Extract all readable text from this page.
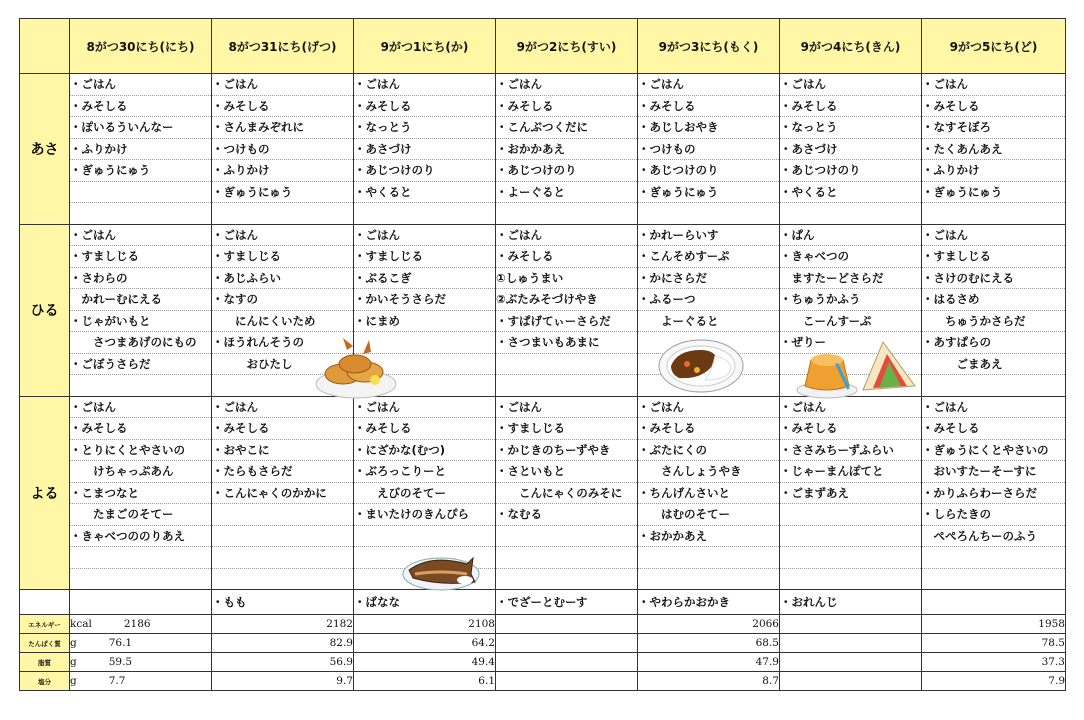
	8がつ30にち(にち)	8がつ31にち(げつ)	9がつ1にち(か)	9がつ2にち(すい)	9がつ3にち(もく)	9がつ4にち(きん)	9がつ5にち(ど)
あさ	・ごはん	・ごはん	・ごはん	・ごはん	・ごはん	・ごはん	・ごはん
	・みそしる	・みそしる	・みそしる	・みそしる	・みそしる	・みそしる	・みそしる
	・ぽいるういんなー	・さんまみぞれに	・なっとう	・こんぶつくだに	・あじしおやき	・なっとう	・なすそぼろ
	・ふりかけ	・つけもの	・あさづけ	・おかかあえ	・つけもの	・あさづけ	・たくあんあえ
	・ぎゅうにゅう	・ふりかけ	・あじつけのり	・あじつけのり	・あじつけのり	・あじつけのり	・ふりかけ
		・ぎゅうにゅう	・やくると	・よーぐると	・ぎゅうにゅう	・やくると	・ぎゅうにゅう

ひる	・ごはん	・ごはん	・ごはん	・ごはん	・かれーらいす	・ぱん	・ごはん
	・すましじる	・すましじる	・すましじる	・みそしる	・こんそめすーぷ	・きゃべつの	・すましじる
	・さわらの	・あじふらい	・ぷるこぎ	①しゅうまい	・かにさらだ	　ますたーどさらだ	・さけのむにえる
	　かれーむにえる	・なすの	・かいそうさらだ	②ぶたみそづけやき	・ふるーつ	・ちゅうかふう	・はるさめ
	・じゃがいもと	　　にんにくいため	・にまめ	・すぱげてぃーさらだ	　　よーぐると	　　こーんすーぷ	　　ちゅうかさらだ
	　　さつまあげのにもの	・ほうれんそうの		・さつまいもあまに		・ぜりー	・あすぱらの
	・ごぼうさらだ	　　　おひたし					　　　ごまあえ

よる	・ごはん	・ごはん	・ごはん	・ごはん	・ごはん	・ごはん	・ごはん
	・みそしる	・みそしる	・みそしる	・すましじる	・みそしる	・みそしる	・みそしる
	・とりにくとやさいの	・おやこに	・にざかな(むつ)	・かじきのちーずやき	・ぶたにくの	・ささみちーずふらい	・ぎゅうにくとやさいの
	　　けちゃっぷあん	・たらもさらだ	・ぶろっこりーと	・さといもと	　　さんしょうやき	・じゃーまんぽてと	　おいすたーそーすに
	・こまつなと	・こんにゃくのかかに	　　えびのそてー	　　こんにゃくのみそに	・ちんげんさいと	・ごまずあえ	・かりふらわーさらだ
	　　たまごのそてー		・まいたけのきんぴら	・なむる	　　はむのそてー		・しらたきの
	・きゃべつののりあえ				・おかかあえ		　ぺぺろんちーのふう

		・もも	・ばなな	・でざーとむーす	・やわらかおかき	・おれんじ	
エネルギー	kcal 2186	2182	2108		2066		1958
たんぱく質	g 76.1	82.9	64.2		68.5		78.5
脂質	g 59.5	56.9	49.4		47.9		37.3
塩分	g 7.7	9.7	6.1		8.7		7.9
